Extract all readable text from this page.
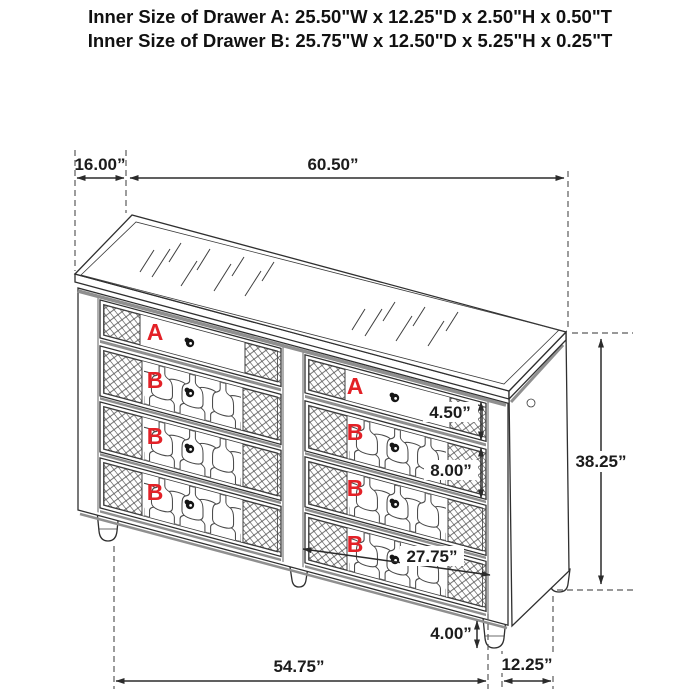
Inner Size of Drawer A: 25.50"W x 12.25"D x 2.50"H x 0.50"T
Inner Size of Drawer B: 25.75"W x 12.50"D x 5.25"H x 0.25"T
A
B
B
B
A
B
B
B
16.00”	60.50”
38.25”
4.50”
8.00”
27.75”
4.00”
54.75”	12.25”
